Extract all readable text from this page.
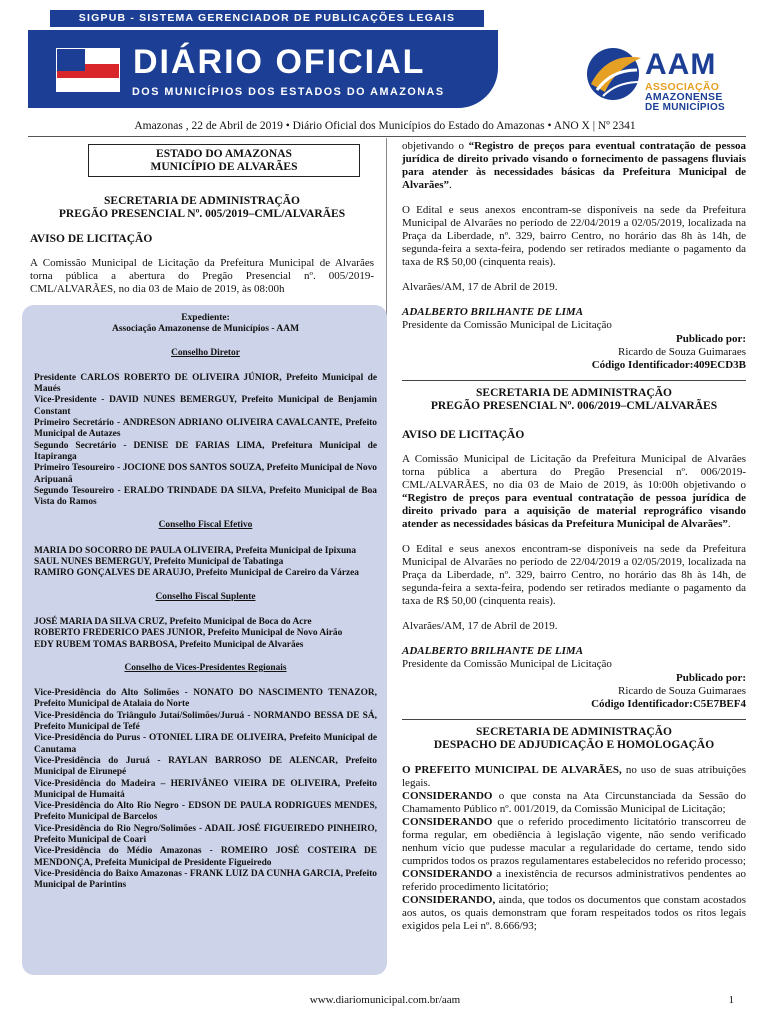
SIGPUB - SISTEMA GERENCIADOR DE PUBLICAÇÕES LEGAIS
DIÁRIO OFICIAL
DOS MUNICÍPIOS DOS ESTADOS DO AMAZONAS
AAM
ASSOCIAÇÃO
AMAZONENSE
DE MUNICÍPIOS
Amazonas , 22 de Abril de 2019 • Diário Oficial dos Municípios do Estado do Amazonas • ANO X | Nº 2341
ESTADO DO AMAZONAS
MUNICÍPIO DE ALVARÃES
SECRETARIA DE ADMINISTRAÇÃO
PREGÃO PRESENCIAL Nº. 005/2019–CML/ALVARÃES
AVISO DE LICITAÇÃO

A Comissão Municipal de Licitação da Prefeitura Municipal de Alvarães torna pública a abertura do Pregão Presencial nº. 005/2019-CML/ALVARÃES, no dia 03 de Maio de 2019, às 08:00h

Expediente:
Associação Amazonense de Municípios - AAM
Conselho Diretor
Presidente CARLOS ROBERTO DE OLIVEIRA JÚNIOR, Prefeito Municipal de Maués
Vice-Presidente - DAVID NUNES BEMERGUY, Prefeito Municipal de Benjamin Constant
Primeiro Secretário - ANDRESON ADRIANO OLIVEIRA CAVALCANTE, Prefeito Municipal de Autazes
Segundo Secretário - DENISE DE FARIAS LIMA, Prefeitura Municipal de Itapiranga
Primeiro Tesoureiro - JOCIONE DOS SANTOS SOUZA, Prefeito Municipal de Novo Aripuanã
Segundo Tesoureiro - ERALDO TRINDADE DA SILVA, Prefeito Municipal de Boa Vista do Ramos
Conselho Fiscal Efetivo
MARIA DO SOCORRO DE PAULA OLIVEIRA, Prefeita Municipal de Ipixuna
SAUL NUNES BEMERGUY, Prefeito Municipal de Tabatinga
RAMIRO GONÇALVES DE ARAUJO, Prefeito Municipal de Careiro da Várzea
Conselho Fiscal Suplente
JOSÉ MARIA DA SILVA CRUZ, Prefeito Municipal de Boca do Acre
ROBERTO FREDERICO PAES JUNIOR, Prefeito Municipal de Novo Airão
EDY RUBEM TOMAS BARBOSA, Prefeito Municipal de Alvarães
Conselho de Vices-Presidentes Regionais
Vice-Presidência do Alto Solimões - NONATO DO NASCIMENTO TENAZOR, Prefeito Municipal de Atalaia do Norte
Vice-Presidência do Triângulo Jutaí/Solimões/Juruá - NORMANDO BESSA DE SÁ, Prefeito Municipal de Tefé
Vice-Presidência do Purus - OTONIEL LIRA DE OLIVEIRA, Prefeito Municipal de Canutama
Vice-Presidência do Juruá - RAYLAN BARROSO DE ALENCAR, Prefeito Municipal de Eirunepé
Vice-Presidência do Madeira – HERIVÂNEO VIEIRA DE OLIVEIRA, Prefeito Municipal de Humaitá
Vice-Presidência do Alto Rio Negro - EDSON DE PAULA RODRIGUES MENDES, Prefeito Municipal de Barcelos
Vice-Presidência do Rio Negro/Solimões - ADAIL JOSÉ FIGUEIREDO PINHEIRO, Prefeito Municipal de Coari
Vice-Presidência do Médio Amazonas - ROMEIRO JOSÉ COSTEIRA DE MENDONÇA, Prefeita Municipal de Presidente Figueiredo
Vice-Presidência do Baixo Amazonas - FRANK LUIZ DA CUNHA GARCIA, Prefeito Municipal de Parintins

objetivando o “Registro de preços para eventual contratação de pessoa jurídica de direito privado visando o fornecimento de passagens fluviais para atender às necessidades básicas da Prefeitura Municipal de Alvarães”.

O Edital e seus anexos encontram-se disponíveis na sede da Prefeitura Municipal de Alvarães no período de 22/04/2019 a 02/05/2019, localizada na Praça da Liberdade, nº. 329, bairro Centro, no horário das 8h às 14h, de segunda-feira a sexta-feira, podendo ser retirados mediante o pagamento da taxa de R$ 50,00 (cinquenta reais).

Alvarães/AM, 17 de Abril de 2019.

ADALBERTO BRILHANTE DE LIMA
Presidente da Comissão Municipal de Licitação
Publicado por:
Ricardo de Souza Guimaraes
Código Identificador:409ECD3B
SECRETARIA DE ADMINISTRAÇÃO
PREGÃO PRESENCIAL Nº. 006/2019–CML/ALVARÃES
AVISO DE LICITAÇÃO

A Comissão Municipal de Licitação da Prefeitura Municipal de Alvarães torna pública a abertura do Pregão Presencial nº. 006/2019-CML/ALVARÃES, no dia 03 de Maio de 2019, às 10:00h objetivando o “Registro de preços para eventual contratação de pessoa jurídica de direito privado para a aquisição de material reprográfico visando atender as necessidades básicas da Prefeitura Municipal de Alvarães”.

O Edital e seus anexos encontram-se disponíveis na sede da Prefeitura Municipal de Alvarães no período de 22/04/2019 a 02/05/2019, localizada na Praça da Liberdade, nº. 329, bairro Centro, no horário das 8h às 14h, de segunda-feira a sexta-feira, podendo ser retirados mediante o pagamento da taxa de R$ 50,00 (cinquenta reais).

Alvarães/AM, 17 de Abril de 2019.

ADALBERTO BRILHANTE DE LIMA
Presidente da Comissão Municipal de Licitação
Publicado por:
Ricardo de Souza Guimaraes
Código Identificador:C5E7BEF4
SECRETARIA DE ADMINISTRAÇÃO
DESPACHO DE ADJUDICAÇÃO E HOMOLOGAÇÃO

O PREFEITO MUNICIPAL DE ALVARÃES, no uso de suas atribuições legais.

CONSIDERANDO o que consta na Ata Circunstanciada da Sessão do Chamamento Público nº. 001/2019, da Comissão Municipal de Licitação;

CONSIDERANDO que o referido procedimento licitatório transcorreu de forma regular, em obediência à legislação vigente, não sendo verificado nenhum vício que pudesse macular a regularidade do certame, tendo sido cumpridos todos os prazos regulamentares estabelecidos no referido processo;

CONSIDERANDO a inexistência de recursos administrativos pendentes ao referido procedimento licitatório;

CONSIDERANDO, ainda, que todos os documentos que constam acostados aos autos, os quais demonstram que foram respeitados todos os ritos legais exigidos pela Lei nº. 8.666/93;

www.diariomunicipal.com.br/aam	1
